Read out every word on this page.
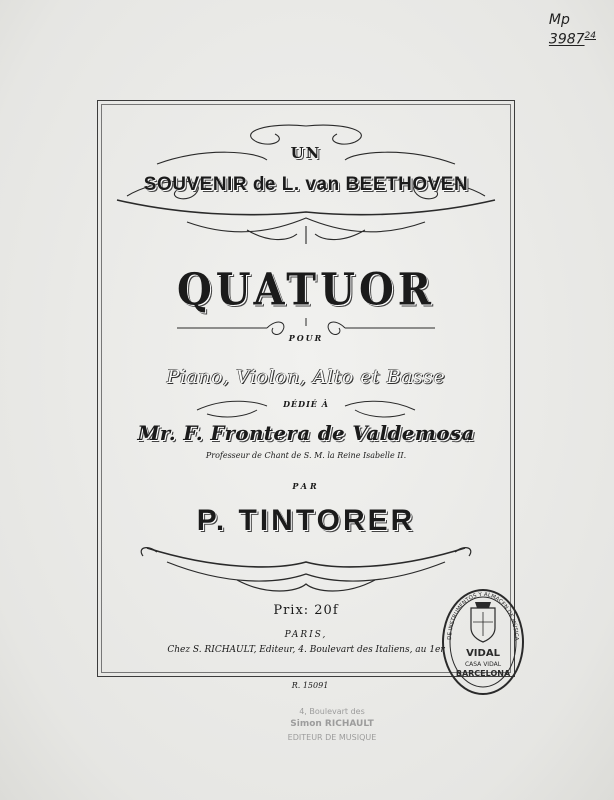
Mp
3987$^{24}$
UN
SOUVENIR de L. van BEETHOVEN
QUATUOR
POUR
Piano, Violon, Alto et Basse
DÉDIÉ À
Mr. F. Frontera de Valdemosa
Professeur de Chant de S. M. la Reine Isabelle II.
PAR
P. TINTORER
Prix: 20f
PARIS,
Chez S. RICHAULT, Editeur, 4. Boulevart des Italiens, au 1er
R. 15091
VIDAL
CASA VIDAL
BARCELONA
DE INSTRUMENTOS Y ALMACEN DE MÚSICA
4, Boulevart des
Simon RICHAULT
EDITEUR DE MUSIQUE
